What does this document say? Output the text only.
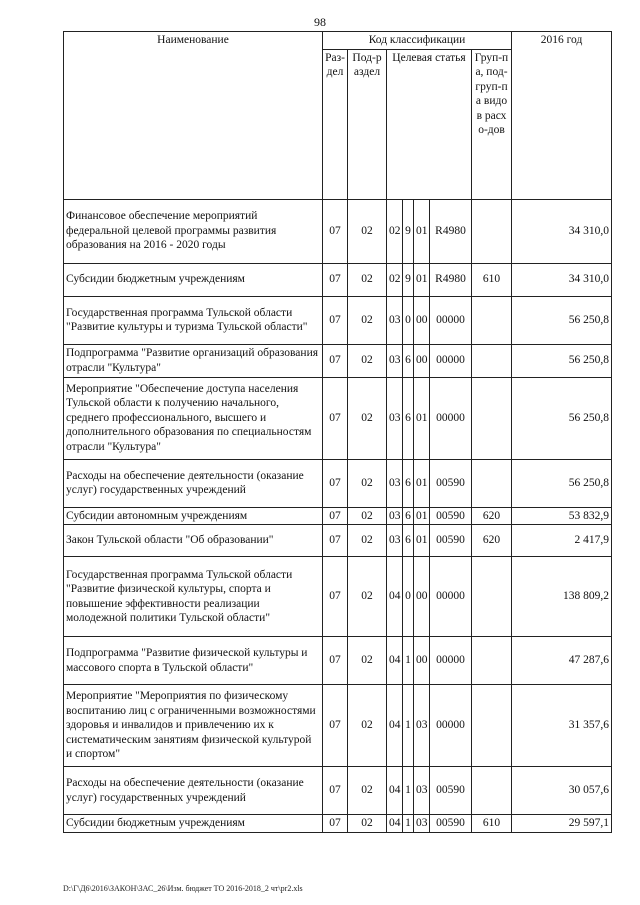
98
Наименование	Код классификации							2016 год
	Раз-дел	Под-раздел	Целевая статья				Груп-па, под-груп-па видов расхо-дов	
Финансовое обеспечение мероприятий федеральной целевой программы развития образования на 2016 - 2020 годы	07	02	02	9	01	R4980		34 310,0
Субсидии бюджетным учреждениям	07	02	02	9	01	R4980	610	34 310,0
Государственная программа Тульской области "Развитие культуры и туризма Тульской области"	07	02	03	0	00	00000		56 250,8
Подпрограмма "Развитие организаций образования отрасли "Культура"	07	02	03	6	00	00000		56 250,8
Мероприятие "Обеспечение доступа населения Тульской области к получению начального, среднего профессионального, высшего и дополнительного образования по специальностям отрасли "Культура"	07	02	03	6	01	00000		56 250,8
Расходы на обеспечение деятельности (оказание услуг) государственных учреждений	07	02	03	6	01	00590		56 250,8
Субсидии автономным учреждениям	07	02	03	6	01	00590	620	53 832,9
Закон Тульской области "Об образовании"	07	02	03	6	01	00590	620	2 417,9
Государственная программа Тульской области "Развитие физической культуры, спорта и повышение эффективности реализации молодежной политики Тульской области"	07	02	04	0	00	00000		138 809,2
Подпрограмма "Развитие физической культуры и массового спорта в Тульской области"	07	02	04	1	00	00000		47 287,6
Мероприятие "Мероприятия по физическому воспитанию лиц с ограниченными возможностями здоровья и инвалидов и привлечению их к систематическим занятиям физической культурой и спортом"	07	02	04	1	03	00000		31 357,6
Расходы на обеспечение деятельности (оказание услуг) государственных учреждений	07	02	04	1	03	00590		30 057,6
Субсидии бюджетным учреждениям	07	02	04	1	03	00590	610	29 597,1
D:\Г\Д6\2016\ЗАКОН\ЗАС_26\Изм. бюджет ТО 2016-2018_2 чт\pr2.xls
